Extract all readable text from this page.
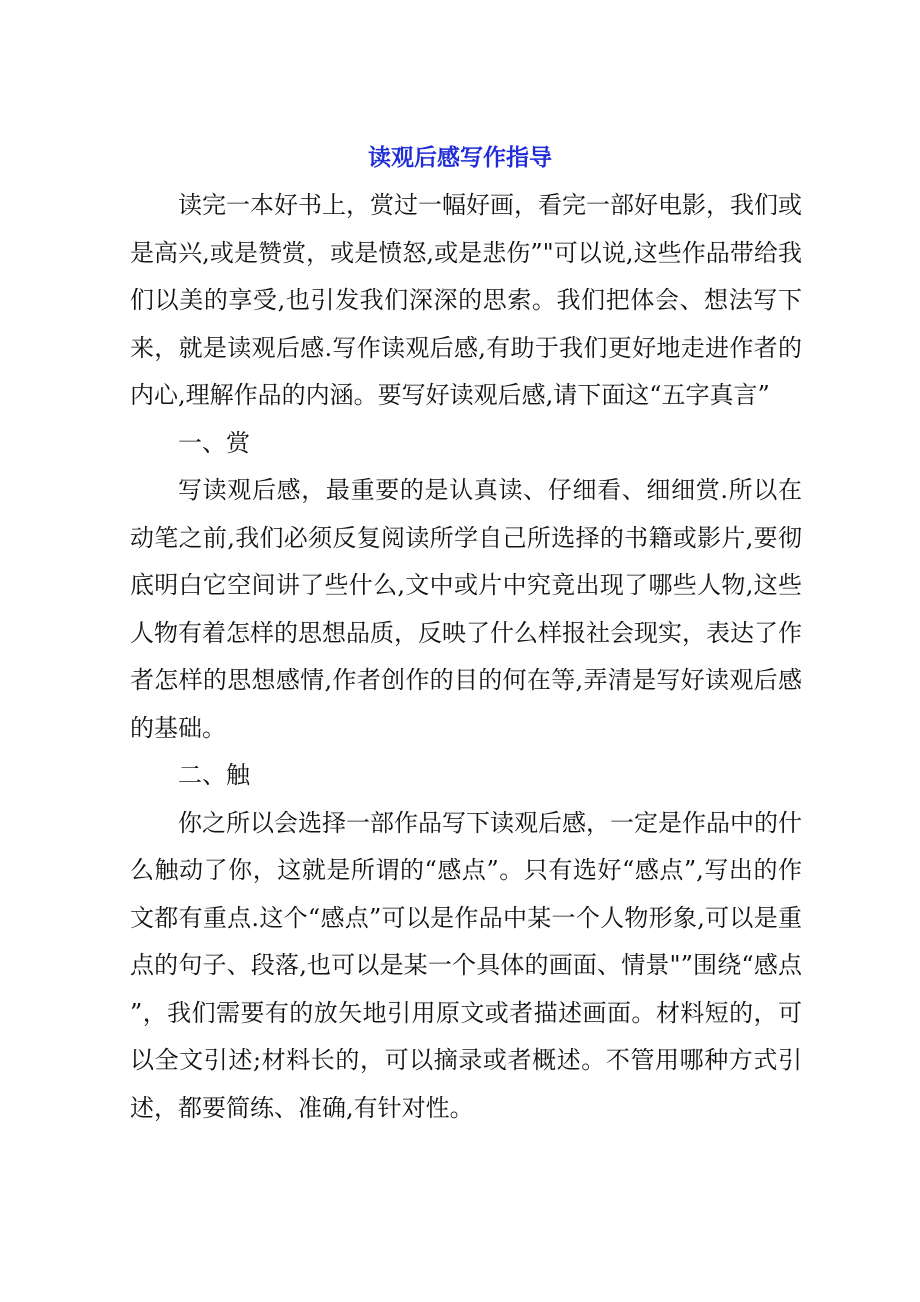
读观后感写作指导

读完一本好书上，赏过一幅好画，看完一部好电影，我们或是高兴,或是赞赏，或是愤怒,或是悲伤”"可以说,这些作品带给我们以美的享受,也引发我们深深的思索。我们把体会、想法写下来，就是读观后感.写作读观后感,有助于我们更好地走进作者的内心,理解作品的内涵。要写好读观后感,请下面这“五字真言”

一、赏

写读观后感，最重要的是认真读、仔细看、细细赏.所以在动笔之前,我们必须反复阅读所学自己所选择的书籍或影片,要彻底明白它空间讲了些什么,文中或片中究竟出现了哪些人物,这些人物有着怎样的思想品质，反映了什么样报社会现实，表达了作者怎样的思想感情,作者创作的目的何在等,弄清是写好读观后感的基础。

二、触

你之所以会选择一部作品写下读观后感，一定是作品中的什么触动了你，这就是所谓的“感点”。只有选好“感点”,写出的作文都有重点.这个“感点”可以是作品中某一个人物形象,可以是重点的句子、段落,也可以是某一个具体的画面、情景"”围绕“感点”，我们需要有的放矢地引用原文或者描述画面。材料短的，可以全文引述;材料长的，可以摘录或者概述。不管用哪种方式引述，都要简练、准确,有针对性。
